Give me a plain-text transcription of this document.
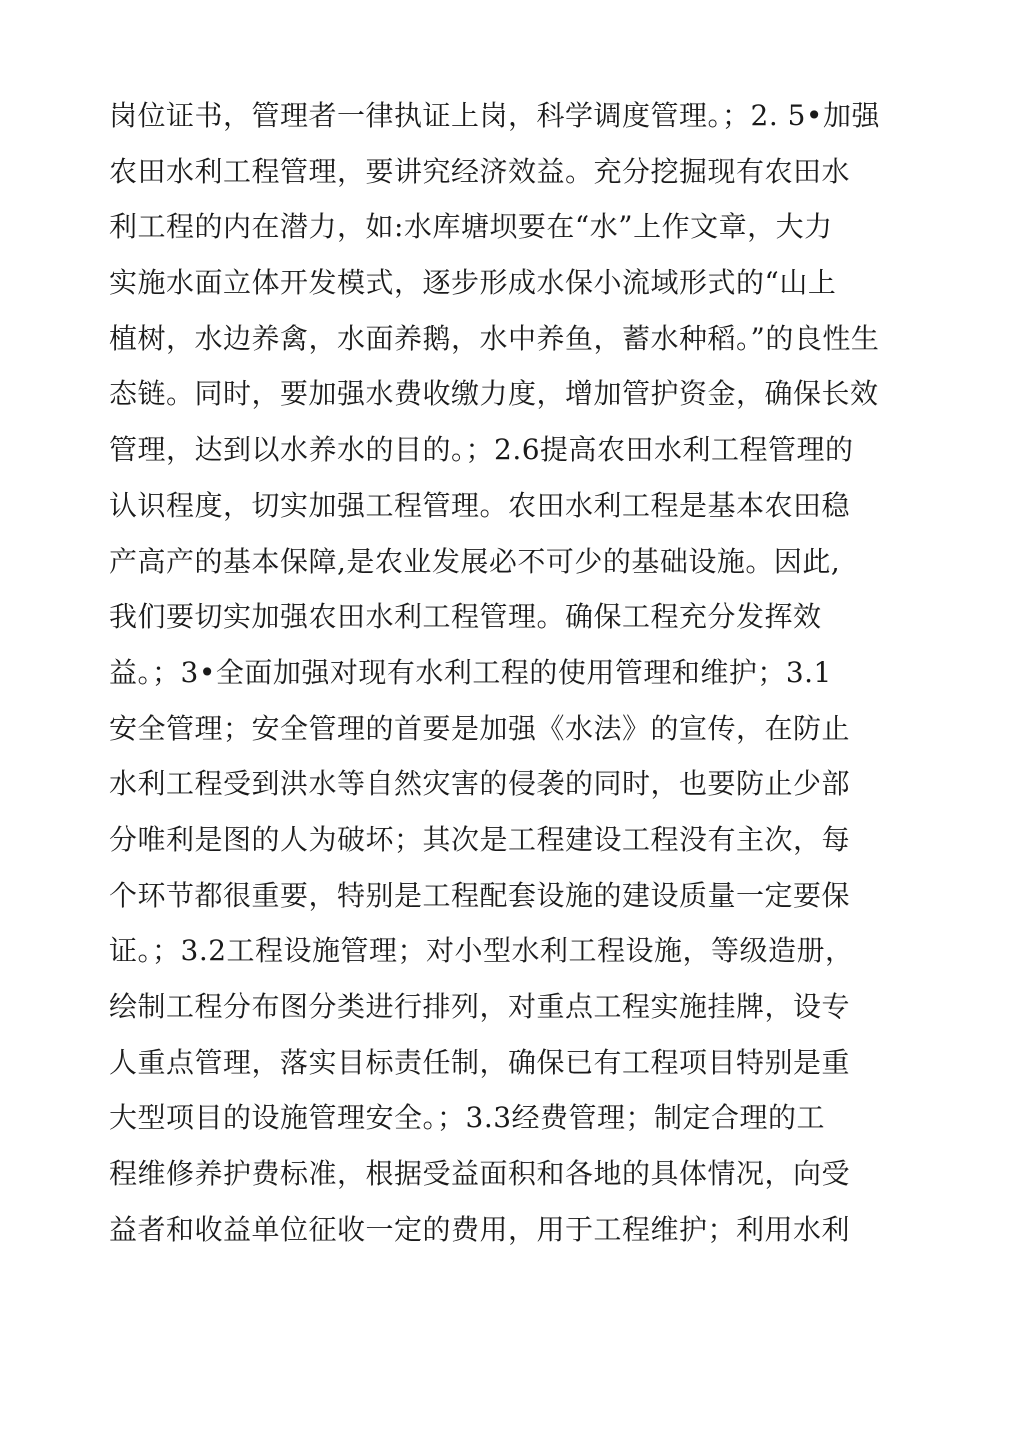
岗位证书，管理者一律执证上岗，科学调度管理。；2. 5•加强
农田水利工程管理，要讲究经济效益。充分挖掘现有农田水
利工程的内在潜力，如:水库塘坝要在“水”上作文章，大力
实施水面立体开发模式，逐步形成水保小流域形式的“山上
植树，水边养禽，水面养鹅，水中养鱼，蓄水种稻。”的良性生
态链。同时，要加强水费收缴力度，增加管护资金，确保长效
管理，达到以水养水的目的。；2.6提高农田水利工程管理的
认识程度，切实加强工程管理。农田水利工程是基本农田稳
产高产的基本保障,是农业发展必不可少的基础设施。因此,
我们要切实加强农田水利工程管理。确保工程充分发挥效
益。；3•全面加强对现有水利工程的使用管理和维护；3.1
安全管理；安全管理的首要是加强《水法》的宣传，在防止
水利工程受到洪水等自然灾害的侵袭的同时，也要防止少部
分唯利是图的人为破坏；其次是工程建设工程没有主次，每
个环节都很重要，特别是工程配套设施的建设质量一定要保
证。；3.2工程设施管理；对小型水利工程设施，等级造册，
绘制工程分布图分类进行排列，对重点工程实施挂牌，设专
人重点管理，落实目标责任制，确保已有工程项目特别是重
大型项目的设施管理安全。；3.3经费管理；制定合理的工
程维修养护费标准，根据受益面积和各地的具体情况，向受
益者和收益单位征收一定的费用，用于工程维护；利用水利
